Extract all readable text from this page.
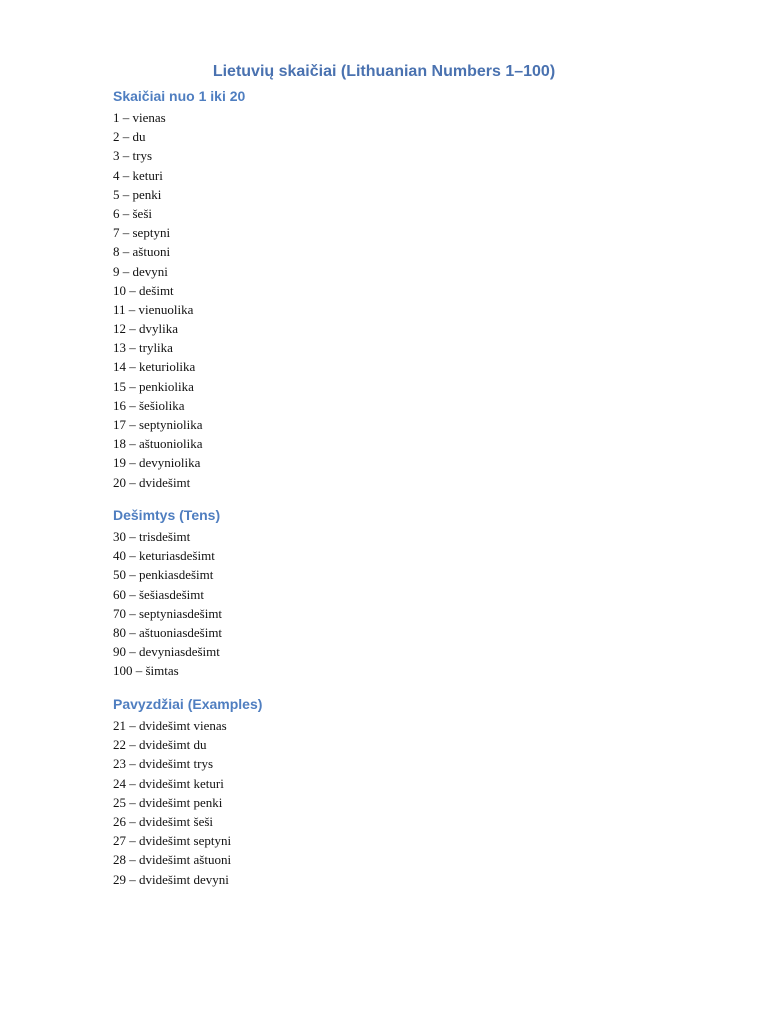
Lietuvių skaičiai (Lithuanian Numbers 1–100)
Skaičiai nuo 1 iki 20
1 – vienas
2 – du
3 – trys
4 – keturi
5 – penki
6 – šeši
7 – septyni
8 – aštuoni
9 – devyni
10 – dešimt
11 – vienuolika
12 – dvylika
13 – trylika
14 – keturiolika
15 – penkiolika
16 – šešiolika
17 – septyniolika
18 – aštuoniolika
19 – devyniolika
20 – dvidešimt
Dešimtys (Tens)
30 – trisdešimt
40 – keturiasdešimt
50 – penkiasdešimt
60 – šešiasdešimt
70 – septyniasdešimt
80 – aštuoniasdešimt
90 – devyniasdešimt
100 – šimtas
Pavyzdžiai (Examples)
21 – dvidešimt vienas
22 – dvidešimt du
23 – dvidešimt trys
24 – dvidešimt keturi
25 – dvidešimt penki
26 – dvidešimt šeši
27 – dvidešimt septyni
28 – dvidešimt aštuoni
29 – dvidešimt devyni
